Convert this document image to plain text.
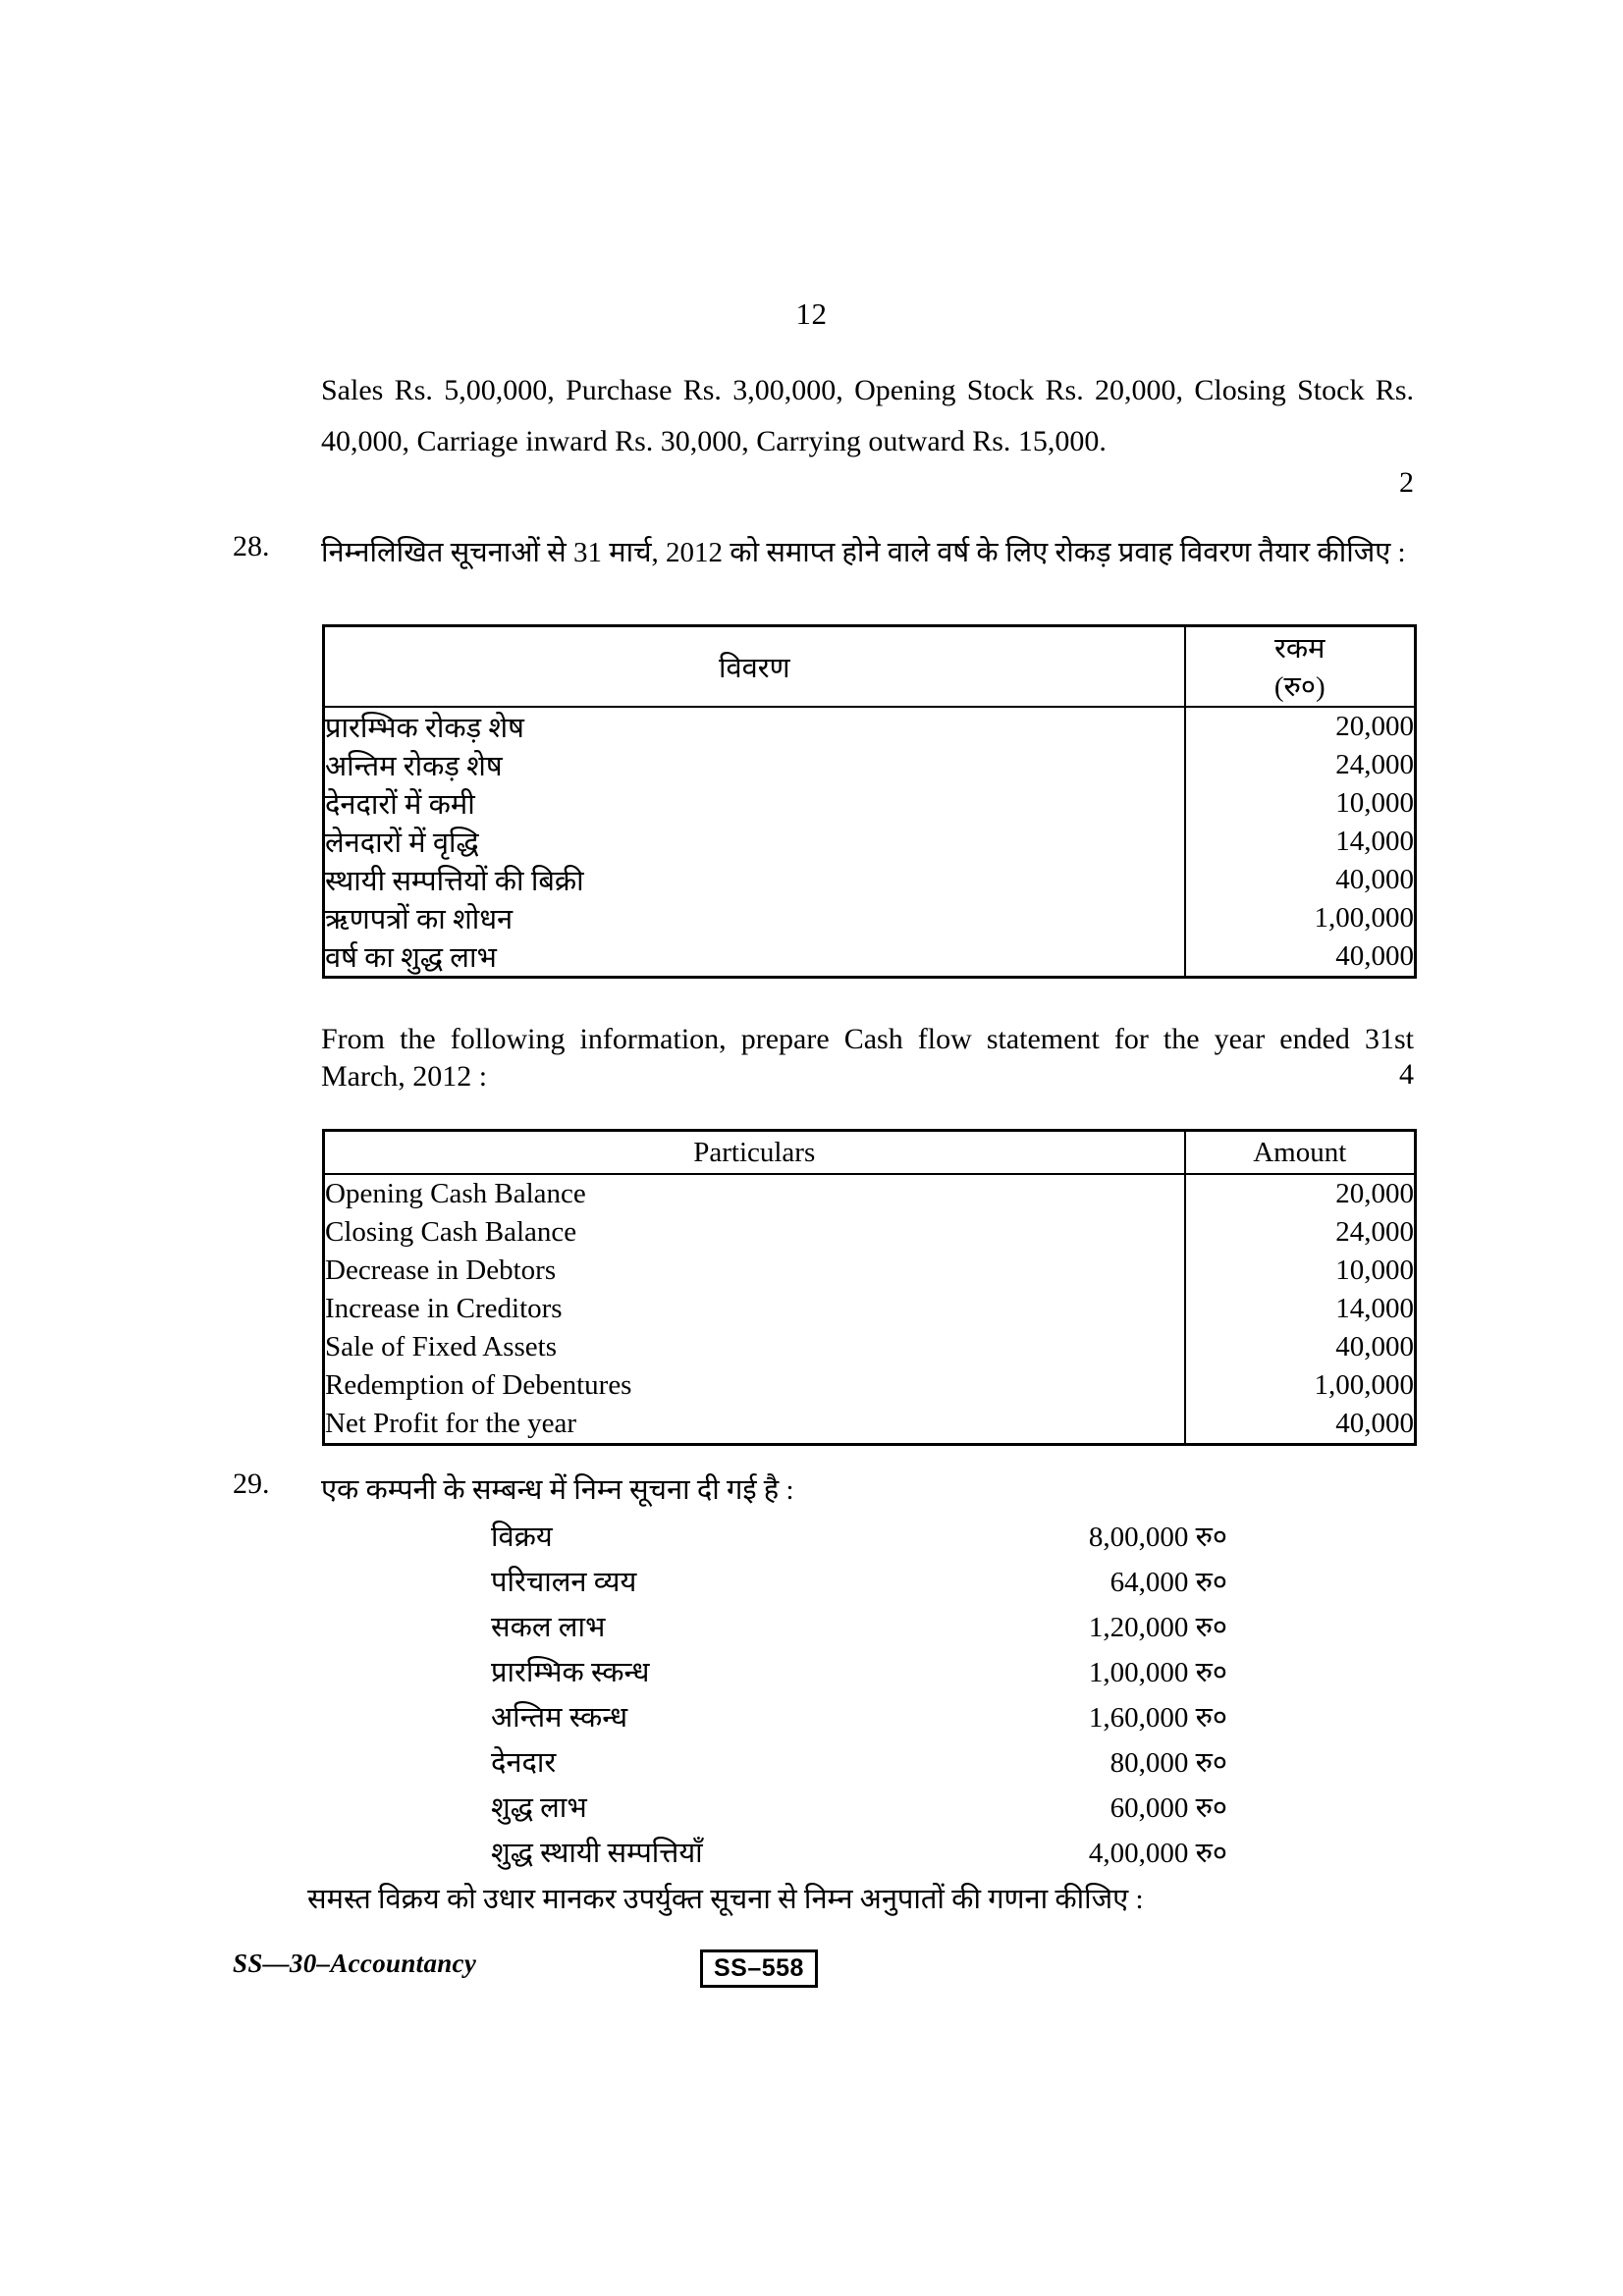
12
Sales Rs. 5,00,000, Purchase Rs. 3,00,000, Opening Stock Rs. 20,000, Closing Stock Rs. 40,000, Carriage inward Rs. 30,000, Carrying outward Rs. 15,000.
2
28. निम्नलिखित सूचनाओं से 31 मार्च, 2012 को समाप्त होने वाले वर्ष के लिए रोकड़ प्रवाह विवरण तैयार कीजिए :
विवरण	रकम
(रु०)

प्रारम्भिक रोकड़ शेष	20,000
अन्तिम रोकड़ शेष	24,000
देनदारों में कमी	10,000
लेनदारों में वृद्धि	14,000
स्थायी सम्पत्तियों की बिक्री	40,000
ऋणपत्रों का शोधन	1,00,000
वर्ष का शुद्ध लाभ	40,000
From the following information, prepare Cash flow statement for the year ended 31st March, 2012 :	4
Particulars	Amount
Opening Cash Balance	20,000
Closing Cash Balance	24,000
Decrease in Debtors	10,000
Increase in Creditors	14,000
Sale of Fixed Assets	40,000
Redemption of Debentures	1,00,000
Net Profit for the year	40,000
29. एक कम्पनी के सम्बन्ध में निम्न सूचना दी गई है :
विक्रय	8,00,000 रु०
परिचालन व्यय	64,000 रु०
सकल लाभ	1,20,000 रु०
प्रारम्भिक स्कन्ध	1,00,000 रु०
अन्तिम स्कन्ध	1,60,000 रु०
देनदार	80,000 रु०
शुद्ध लाभ	60,000 रु०
शुद्ध स्थायी सम्पत्तियाँ	4,00,000 रु०
समस्त विक्रय को उधार मानकर उपर्युक्त सूचना से निम्न अनुपातों की गणना कीजिए :
SS—30–Accountancy	SS–558
